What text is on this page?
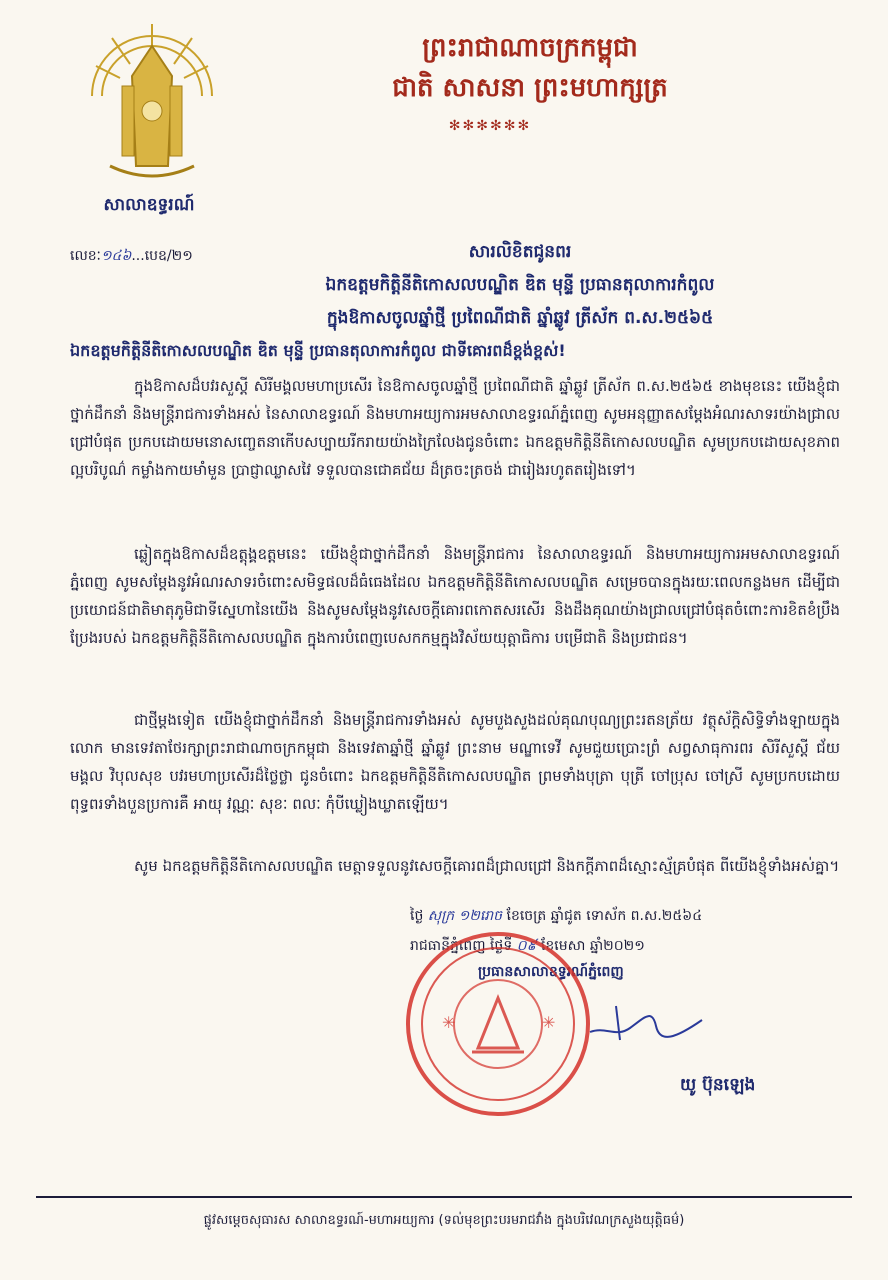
ព្រះរាជាណាចក្រកម្ពុជា
ជាតិ សាសនា ព្រះមហាក្សត្រ
✻✻✻✻✻✻
សាលាឧទ្ធរណ៍
លេខៈ១៤៦...បេឧ/២១	សារលិខិតជូនពរ
ឯកឧត្តមកិត្តិនីតិកោសលបណ្ឌិត ឌិត មុន្ទី ប្រធានតុលាការកំពូល
ក្នុងឱកាសចូលឆ្នាំថ្មី ប្រពៃណីជាតិ ឆ្នាំឆ្លូវ ត្រីស័ក ព.ស.២៥៦៥
ឯកឧត្តមកិត្តិនីតិកោសលបណ្ឌិត ឌិត មុន្ទី ប្រធានតុលាការកំពូល ជាទីគោរពដ៏ខ្ពង់ខ្ពស់!
ក្នុងឱកាសដ៏បវរសួស្តី សិរីមង្គលមហាប្រសើរ នៃឱកាសចូលឆ្នាំថ្មី ប្រពៃណីជាតិ ឆ្នាំឆ្លូវ ត្រីស័ក ព.ស.២៥៦៥ ខាងមុខនេះ យើងខ្ញុំជាថ្នាក់ដឹកនាំ និងមន្ត្រីរាជការទាំងអស់ នៃសាលាឧទ្ធរណ៍ និងមហាអយ្យការអមសាលាឧទ្ធរណ៍ភ្នំពេញ សូមអនុញ្ញាតសម្តែងអំណរសាទរយ៉ាងជ្រាលជ្រៅបំផុត ប្រកបដោយមនោសញ្ចេតនាកើបសប្បាយរីករាយយ៉ាងក្រៃលែងជូនចំពោះ ឯកឧត្តមកិត្តិនីតិកោសលបណ្ឌិត សូមប្រកបដោយសុខភាពល្អបរិបូណ៌ កម្លាំងកាយមាំមួន ប្រាជ្ញាឈ្លាសវៃ ទទួលបានជោគជ័យ ដ៏ត្រចះត្រចង់ ជារៀងរហូតតរៀងទៅ។
ឆ្លៀតក្នុងឱកាសដ៏ឧត្តុង្គឧត្តមនេះ យើងខ្ញុំជាថ្នាក់ដឹកនាំ និងមន្ត្រីរាជការ នៃសាលាឧទ្ធរណ៍ និងមហាអយ្យការអមសាលាឧទ្ធរណ៍ភ្នំពេញ សូមសម្តែងនូវអំណរសាទរចំពោះសមិទ្ធផលដ៏ធំធេងដែល ឯកឧត្តមកិត្តិនីតិកោសលបណ្ឌិត សម្រេចបានក្នុងរយៈពេលកន្លងមក ដើម្បីជាប្រយោជន៍ជាតិមាតុភូមិជាទីស្នេហានៃយើង និងសូមសម្តែងនូវសេចក្តីគោរពកោតសរសើរ និងដឹងគុណយ៉ាងជ្រាលជ្រៅបំផុតចំពោះការខិតខំប្រឹងប្រែងរបស់ ឯកឧត្តមកិត្តិនីតិកោសលបណ្ឌិត ក្នុងការបំពេញបេសកកម្មក្នុងវិស័យយុត្តាធិការ បម្រើជាតិ និងប្រជាជន។
ជាថ្មីម្តងទៀត យើងខ្ញុំជាថ្នាក់ដឹកនាំ និងមន្ត្រីរាជការទាំងអស់ សូមបួងសួងដល់គុណបុណ្យព្រះរតនត្រ័យ វត្ថុស័ក្តិសិទ្ធិទាំងឡាយក្នុងលោក មានទេវតាថែរក្សាព្រះរាជាណាចក្រកម្ពុជា និងទេវតាឆ្នាំថ្មី ឆ្នាំឆ្លូវ ព្រះនាម មណ្ឌាទេវី សូមជួយប្រោះព្រំ សព្វសាធុការពរ សិរីសួស្តី ជ័យមង្គល វិបុលសុខ បវរមហាប្រសើរដ៏ថ្លៃថ្លា ជូនចំពោះ ឯកឧត្តមកិត្តិនីតិកោសលបណ្ឌិត ព្រមទាំងបុត្រា បុត្រី ចៅប្រុស ចៅស្រី សូមប្រកបដោយពុទ្ធពរទាំងបួនប្រការគឺ អាយុ វណ្ណៈ សុខៈ ពលៈ កុំបីឃ្លៀងឃ្លាតឡើយ។
សូម ឯកឧត្តមកិត្តិនីតិកោសលបណ្ឌិត មេត្តាទទួលនូវសេចក្តីគោរពដ៏ជ្រាលជ្រៅ និងកក្តីភាពដ៏ស្មោះស្ម័គ្របំផុត ពីយើងខ្ញុំទាំងអស់គ្នា។
ថ្ងៃ សុក្រ ១២រោច ខែចេត្រ ឆ្នាំជូត ទោស័ក ព.ស.២៥៦៤
រាជធានីភ្នំពេញ ថ្ងៃទី ០៩ ខែមេសា ឆ្នាំ២០២១
ប្រធានសាលាឧទ្ធរណ៍ភ្នំពេញ
✳	✳
យូ ប៊ុនឡេង
ផ្លូវសម្តេចសុធារស សាលាឧទ្ធរណ៍-មហាអយ្យការ (ទល់មុខព្រះបរមរាជវាំង ក្នុងបរិវេណក្រសួងយុត្តិធម៌)
